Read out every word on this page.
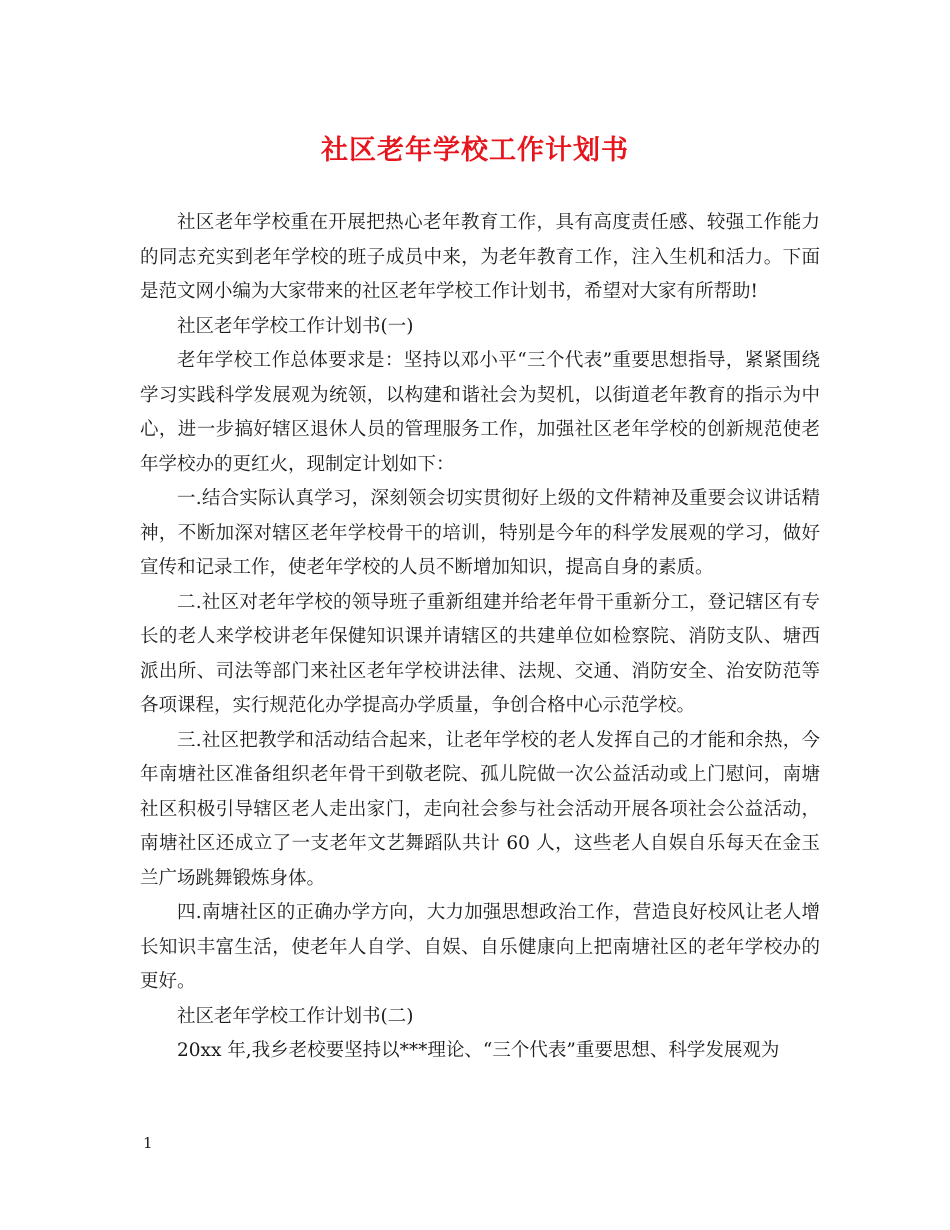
社区老年学校工作计划书

社区老年学校重在开展把热心老年教育工作，具有高度责任感、较强工作能力的同志充实到老年学校的班子成员中来，为老年教育工作，注入生机和活力。下面是范文网小编为大家带来的社区老年学校工作计划书，希望对大家有所帮助!

社区老年学校工作计划书(一)

老年学校工作总体要求是：坚持以邓小平“三个代表”重要思想指导，紧紧围绕学习实践科学发展观为统领，以构建和谐社会为契机，以街道老年教育的指示为中心，进一步搞好辖区退休人员的管理服务工作，加强社区老年学校的创新规范使老年学校办的更红火，现制定计划如下：

一.结合实际认真学习，深刻领会切实贯彻好上级的文件精神及重要会议讲话精神，不断加深对辖区老年学校骨干的培训，特别是今年的科学发展观的学习，做好宣传和记录工作，使老年学校的人员不断增加知识，提高自身的素质。

二.社区对老年学校的领导班子重新组建并给老年骨干重新分工，登记辖区有专长的老人来学校讲老年保健知识课并请辖区的共建单位如检察院、消防支队、塘西派出所、司法等部门来社区老年学校讲法律、法规、交通、消防安全、治安防范等各项课程，实行规范化办学提高办学质量，争创合格中心示范学校。

三.社区把教学和活动结合起来，让老年学校的老人发挥自己的才能和余热，今年南塘社区准备组织老年骨干到敬老院、孤儿院做一次公益活动或上门慰问，南塘社区积极引导辖区老人走出家门，走向社会参与社会活动开展各项社会公益活动，南塘社区还成立了一支老年文艺舞蹈队共计 60 人，这些老人自娱自乐每天在金玉兰广场跳舞锻炼身体。

四.南塘社区的正确办学方向，大力加强思想政治工作，营造良好校风让老人增长知识丰富生活，使老年人自学、自娱、自乐健康向上把南塘社区的老年学校办的更好。

社区老年学校工作计划书(二)

20xx 年,我乡老校要坚持以***理论、“三个代表”重要思想、科学发展观为

1
